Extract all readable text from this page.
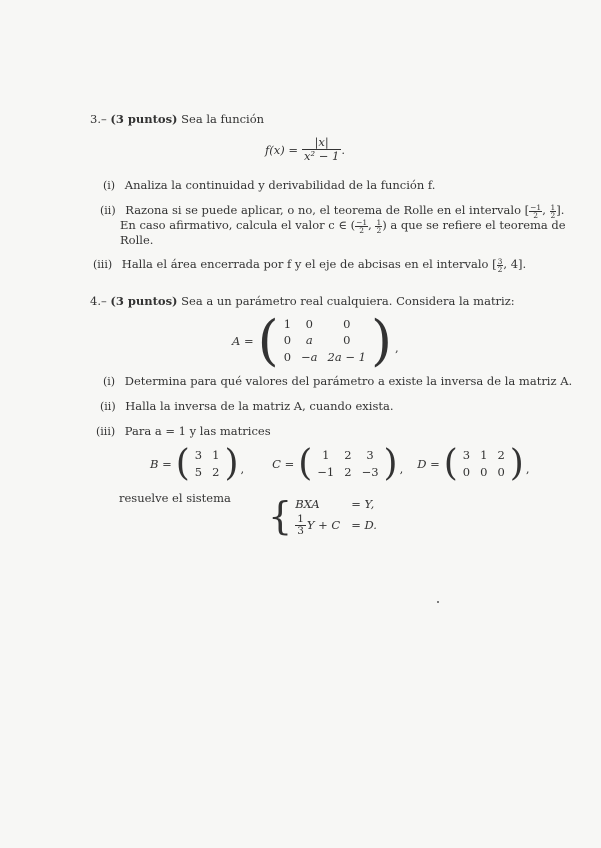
3.– (3 puntos) Sea la función
$f(x) = \frac{|x|}{\text{x² − 1}}$ .
(i) Analiza la continuidad y derivabilidad de la función f.
(ii) Razona si se puede aplicar, o no, el teorema de Rolle en el intervalo [ $\frac{-1}{2}$ , $\frac{1}{2}$ ].
En caso afirmativo, calcula el valor c ∈ ( $\frac{-1}{2}$ , $\frac{1}{2}$ ) a que se refiere el teorema de
Rolle.
(iii) Halla el área encerrada por f y el eje de abcisas en el intervalo [ $\frac{3}{2}$ , 4].
4.– (3 puntos) Sea a un parámetro real cualquiera. Considera la matriz:
A = ( 1	0	0
0	a	0
0	−a	2a − 1 ) ,
(i) Determina para qué valores del parámetro a existe la inversa de la matriz A.
(ii) Halla la inversa de la matriz A, cuando exista.
(iii) Para a = 1 y las matrices
B = ( 3	1
5	2 ) , C = ( 1	2	3
−1	2	−3 ) , D = ( 3	1	2
0	0	0 ) ,
resuelve el sistema { BXA	= Y,
$\frac{1}{3}$ Y + C = D.
